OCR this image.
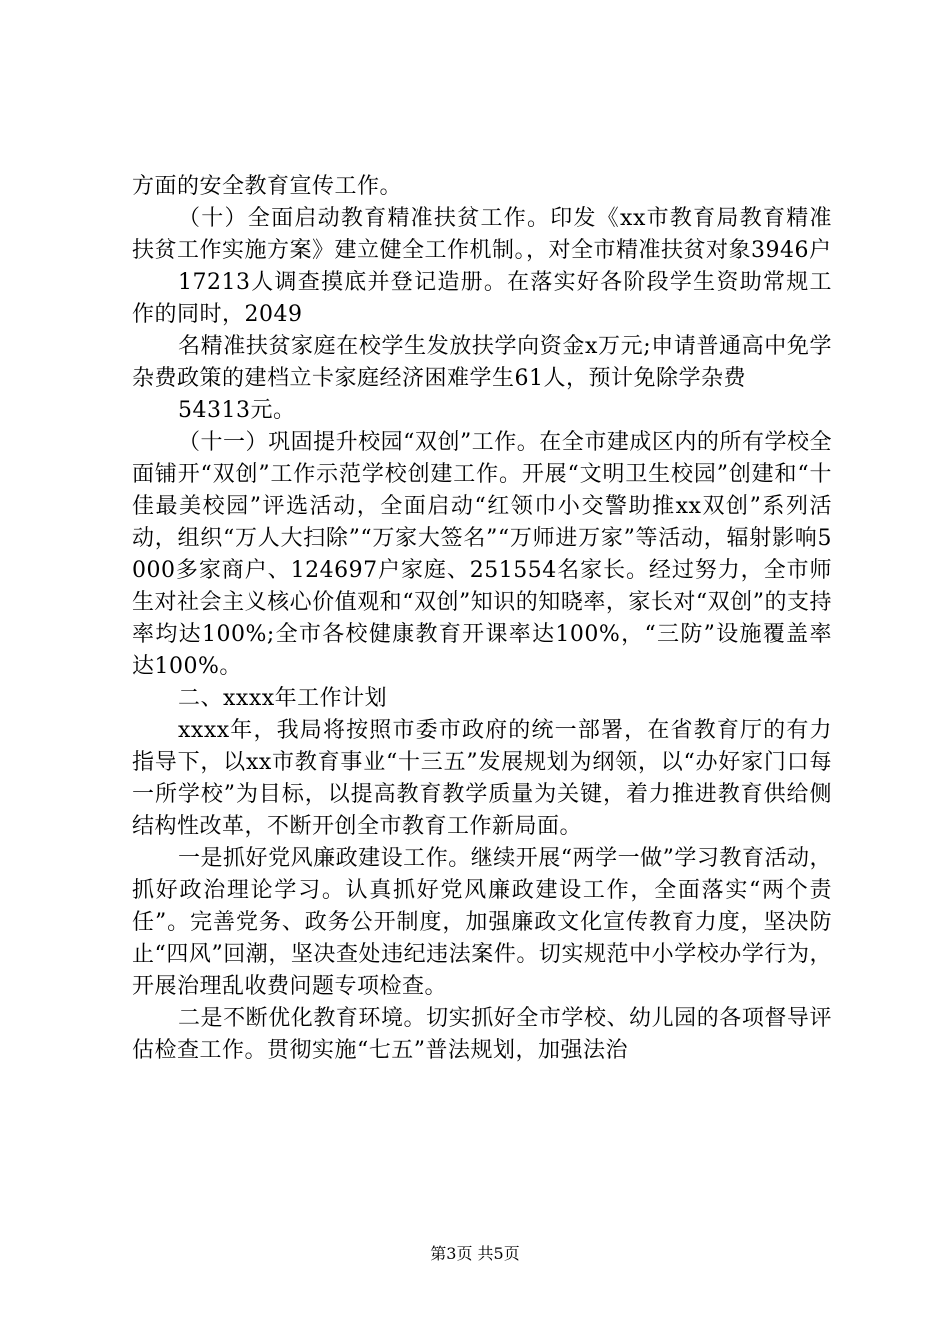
方面的安全教育宣传工作。

（十）全面启动教育精准扶贫工作。印发《xx市教育局教育精准扶贫工作实施方案》建立健全工作机制。，对全市精准扶贫对象3946户

17213人调查摸底并登记造册。在落实好各阶段学生资助常规工作的同时，2049

名精准扶贫家庭在校学生发放扶学向资金x万元;申请普通高中免学杂费政策的建档立卡家庭经济困难学生61人，预计免除学杂费

54313元。

（十一）巩固提升校园“双创”工作。在全市建成区内的所有学校全面铺开“双创”工作示范学校创建工作。开展“文明卫生校园”创建和“十佳最美校园”评选活动，全面启动“红领巾小交警助推xx双创”系列活动，组织“万人大扫除”“万家大签名”“万师进万家”等活动，辐射影响5000多家商户、124697户家庭、251554名家长。经过努力，全市师生对社会主义核心价值观和“双创”知识的知晓率，家长对“双创”的支持率均达100%;全市各校健康教育开课率达100%，“三防”设施覆盖率达100%。

二、xxxx年工作计划

xxxx年，我局将按照市委市政府的统一部署，在省教育厅的有力指导下，以xx市教育事业“十三五”发展规划为纲领，以“办好家门口每一所学校”为目标，以提高教育教学质量为关键，着力推进教育供给侧结构性改革，不断开创全市教育工作新局面。

一是抓好党风廉政建设工作。继续开展“两学一做”学习教育活动，抓好政治理论学习。认真抓好党风廉政建设工作，全面落实“两个责任”。完善党务、政务公开制度，加强廉政文化宣传教育力度，坚决防止“四风”回潮，坚决查处违纪违法案件。切实规范中小学校办学行为，开展治理乱收费问题专项检查。

二是不断优化教育环境。切实抓好全市学校、幼儿园的各项督导评估检查工作。贯彻实施“七五”普法规划，加强法治

第3页 共5页
